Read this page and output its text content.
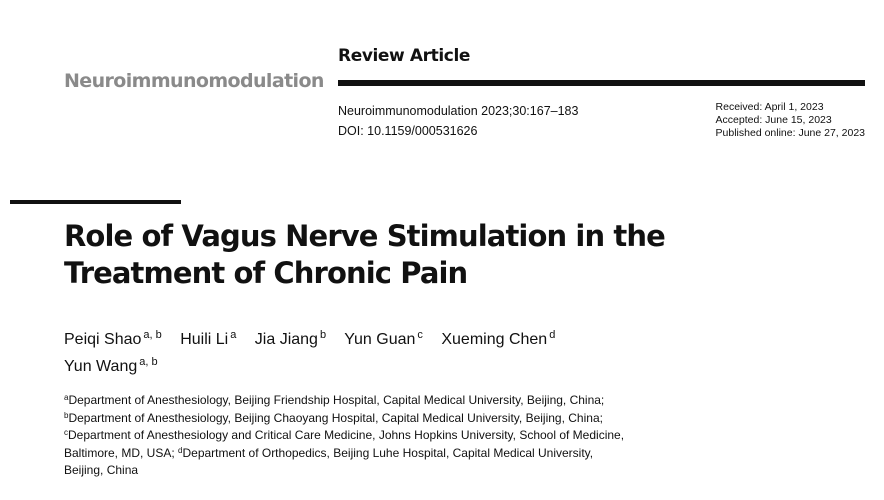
Neuroimmunomodulation
Review Article
Neuroimmunomodulation 2023;30:167–183
DOI: 10.1159/000531626
Received: April 1, 2023
Accepted: June 15, 2023
Published online: June 27, 2023
Role of Vagus Nerve Stimulation in the
Treatment of Chronic Pain
Peiqi Shao $^{a, b}$ Huili Li $^a$ Jia Jiang $^b$ Yun Guan $^c$ Xueming Chen $^d$
Yun Wang $^{a, b}$
$^a$Department of Anesthesiology, Beijing Friendship Hospital, Capital Medical University, Beijing, China;
$^b$Department of Anesthesiology, Beijing Chaoyang Hospital, Capital Medical University, Beijing, China;
$^c$Department of Anesthesiology and Critical Care Medicine, Johns Hopkins University, School of Medicine,
Baltimore, MD, USA; $^d$Department of Orthopedics, Beijing Luhe Hospital, Capital Medical University,
Beijing, China
